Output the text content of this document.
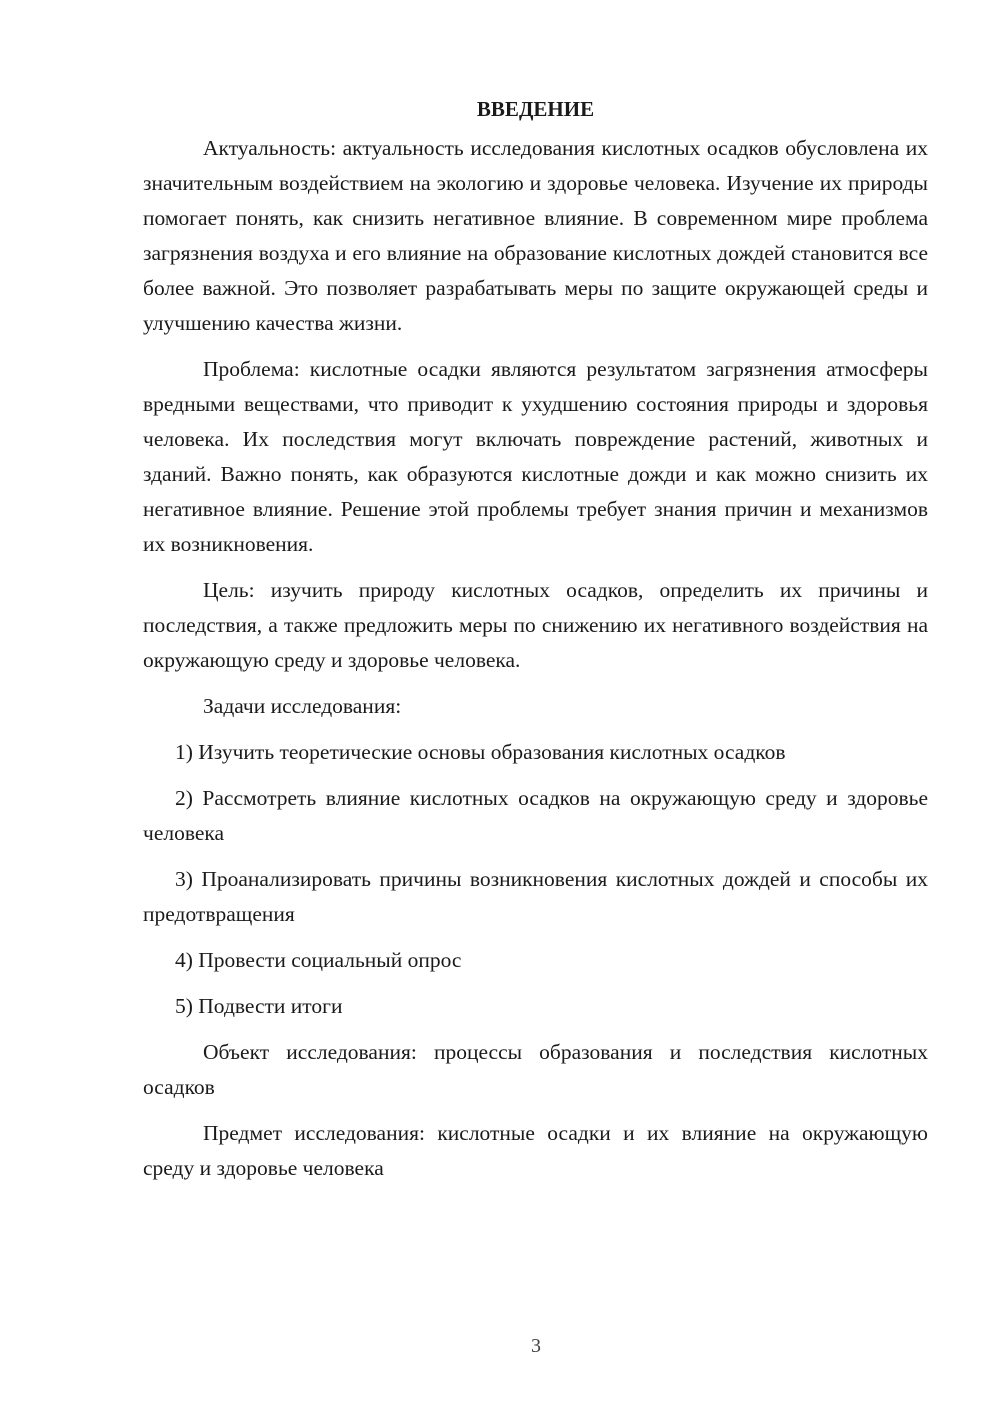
ВВЕДЕНИЕ

Актуальность: актуальность исследования кислотных осадков обусловлена их значительным воздействием на экологию и здоровье человека. Изучение их природы помогает понять, как снизить негативное влияние. В современном мире проблема загрязнения воздуха и его влияние на образование кислотных дождей становится все более важной. Это позволяет разрабатывать меры по защите окружающей среды и улучшению качества жизни.

Проблема: кислотные осадки являются результатом загрязнения атмосферы вредными веществами, что приводит к ухудшению состояния природы и здоровья человека. Их последствия могут включать повреждение растений, животных и зданий. Важно понять, как образуются кислотные дожди и как можно снизить их негативное влияние. Решение этой проблемы требует знания причин и механизмов их возникновения.

Цель: изучить природу кислотных осадков, определить их причины и последствия, а также предложить меры по снижению их негативного воздействия на окружающую среду и здоровье человека.

Задачи исследования:

1) Изучить теоретические основы образования кислотных осадков

2) Рассмотреть влияние кислотных осадков на окружающую среду и здоровье человека

3) Проанализировать причины возникновения кислотных дождей и способы их предотвращения

4) Провести социальный опрос

5) Подвести итоги

Объект исследования: процессы образования и последствия кислотных осадков

Предмет исследования: кислотные осадки и их влияние на окружающую среду и здоровье человека

3
